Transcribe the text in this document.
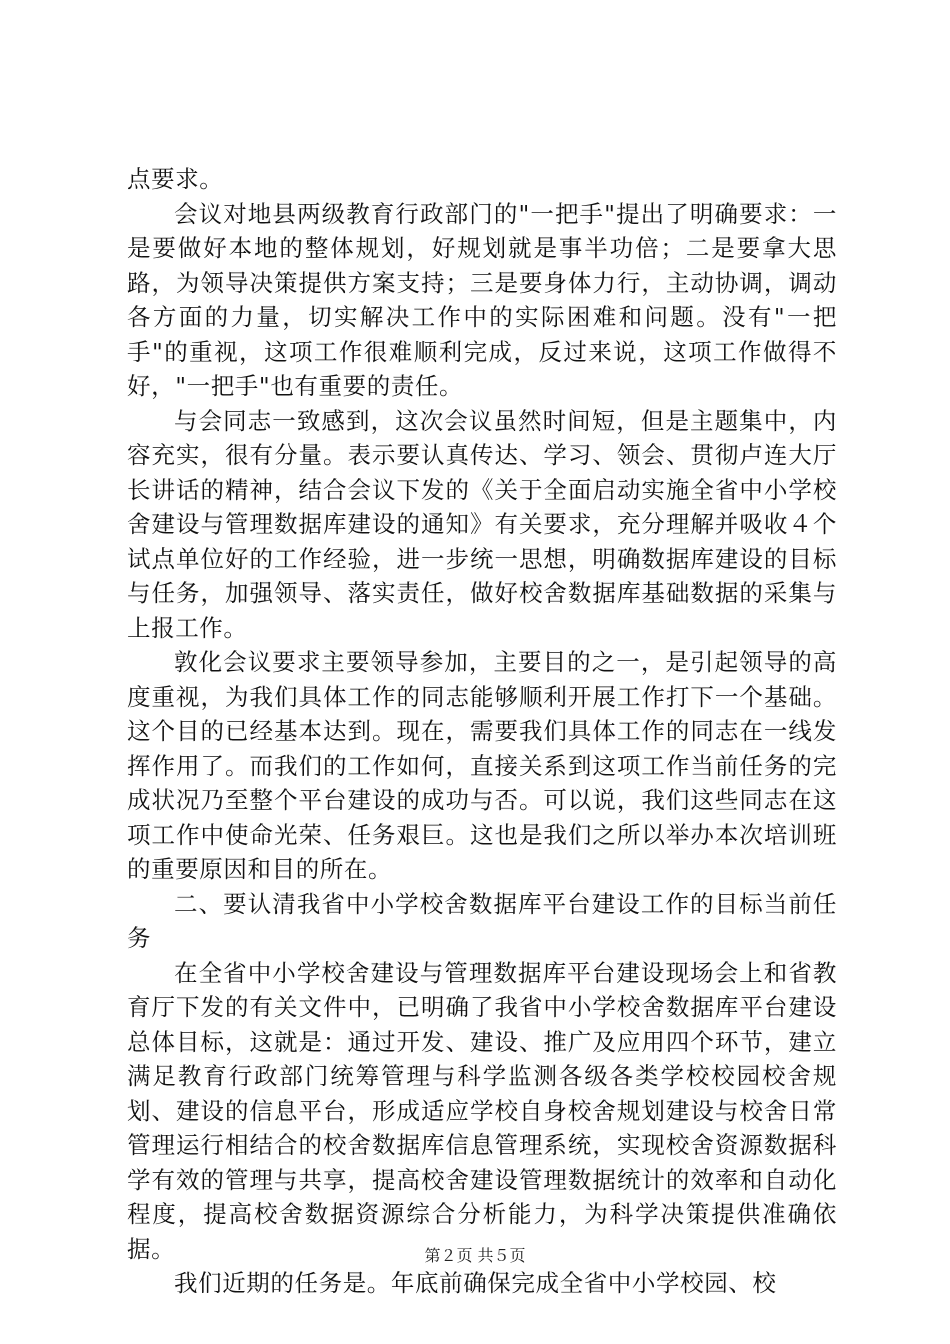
点要求。

会议对地县两级教育行政部门的"一把手"提出了明确要求：一是要做好本地的整体规划，好规划就是事半功倍；二是要拿大思路，为领导决策提供方案支持；三是要身体力行，主动协调，调动各方面的力量，切实解决工作中的实际困难和问题。没有"一把手"的重视，这项工作很难顺利完成，反过来说，这项工作做得不好，"一把手"也有重要的责任。

与会同志一致感到，这次会议虽然时间短，但是主题集中，内容充实，很有分量。表示要认真传达、学习、领会、贯彻卢连大厅长讲话的精神，结合会议下发的《关于全面启动实施全省中小学校舍建设与管理数据库建设的通知》有关要求，充分理解并吸收４个试点单位好的工作经验，进一步统一思想，明确数据库建设的目标与任务，加强领导、落实责任，做好校舍数据库基础数据的采集与上报工作。

敦化会议要求主要领导参加，主要目的之一，是引起领导的高度重视，为我们具体工作的同志能够顺利开展工作打下一个基础。这个目的已经基本达到。现在，需要我们具体工作的同志在一线发挥作用了。而我们的工作如何，直接关系到这项工作当前任务的完成状况乃至整个平台建设的成功与否。可以说，我们这些同志在这项工作中使命光荣、任务艰巨。这也是我们之所以举办本次培训班的重要原因和目的所在。

二、要认清我省中小学校舍数据库平台建设工作的目标当前任务

在全省中小学校舍建设与管理数据库平台建设现场会上和省教育厅下发的有关文件中，已明确了我省中小学校舍数据库平台建设总体目标，这就是：通过开发、建设、推广及应用四个环节，建立满足教育行政部门统筹管理与科学监测各级各类学校校园校舍规划、建设的信息平台，形成适应学校自身校舍规划建设与校舍日常管理运行相结合的校舍数据库信息管理系统，实现校舍资源数据科学有效的管理与共享，提高校舍建设管理数据统计的效率和自动化程度，提高校舍数据资源综合分析能力，为科学决策提供准确依据。

我们近期的任务是。年底前确保完成全省中小学校园、校

第２页 共５页
